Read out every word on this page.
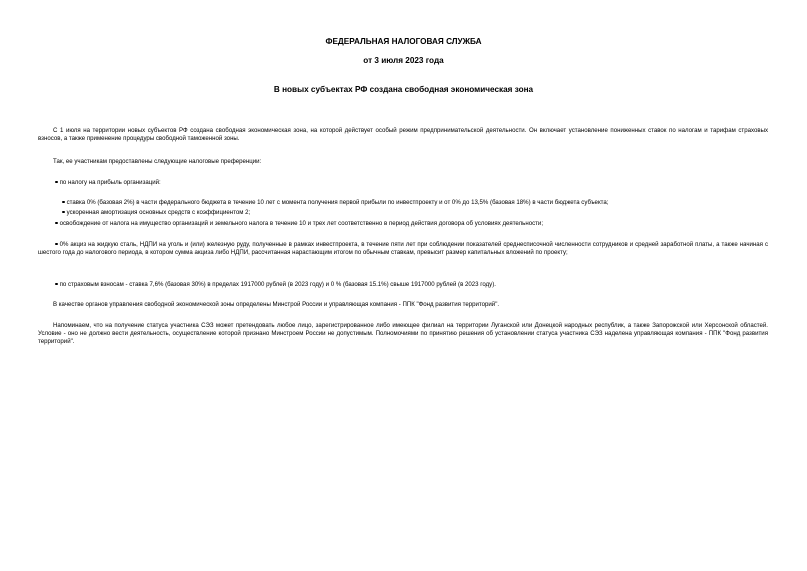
ФЕДЕРАЛЬНАЯ НАЛОГОВАЯ СЛУЖБА
от 3 июля 2023 года
В новых субъектах РФ создана свободная экономическая зона

С 1 июля на территории новых субъектов РФ создана свободная экономическая зона, на которой действует особый режим предпринимательской деятельности. Он включает установление пониженных ставок по налогам и тарифам страховых взносов, а также применение процедуры свободной таможенной зоны.

Так, ее участникам предоставлены следующие налоговые преференции:
по налогу на прибыль организаций:
ставка 0% (базовая 2%) в части федерального бюджета в течение 10 лет с момента получения первой прибыли по инвестпроекту и от 0% до 13,5% (базовая 18%) в части бюджета субъекта;
ускоренная амортизация основных средств с коэффициентом 2;
освобождение от налога на имущество организаций и земельного налога в течение 10 и трех лет соответственно в период действия договора об условиях деятельности;
0% акциз на жидкую сталь, НДПИ на уголь и (или) железную руду, полученные в рамках инвестпроекта, в течение пяти лет при соблюдении показателей среднесписочной численности сотрудников и средней заработной платы, а также начиная с шестого года до налогового периода, в котором сумма акциза либо НДПИ, рассчитанная нарастающим итогом по обычным ставкам, превысит размер капитальных вложений по проекту;
по страховым взносам - ставка 7,6% (базовая 30%) в пределах 1917000 рублей (в 2023 году) и 0 % (базовая 15.1%) свыше 1917000 рублей (в 2023 году).
В качестве органов управления свободной экономической зоны определены Минстрой России и управляющая компания - ППК "Фонд развития территорий".

Напоминаем, что на получение статуса участника СЭЗ может претендовать любое лицо, зарегистрированное либо имеющее филиал на территории Луганской или Донецкой народных республик, а также Запорожской или Херсонской областей. Условие - оно не должно вести деятельность, осуществление которой признано Минстроем России не допустимым. Полномочиями по принятию решения об установлении статуса участника СЭЗ наделена управляющая компания - ППК "Фонд развития территорий".
